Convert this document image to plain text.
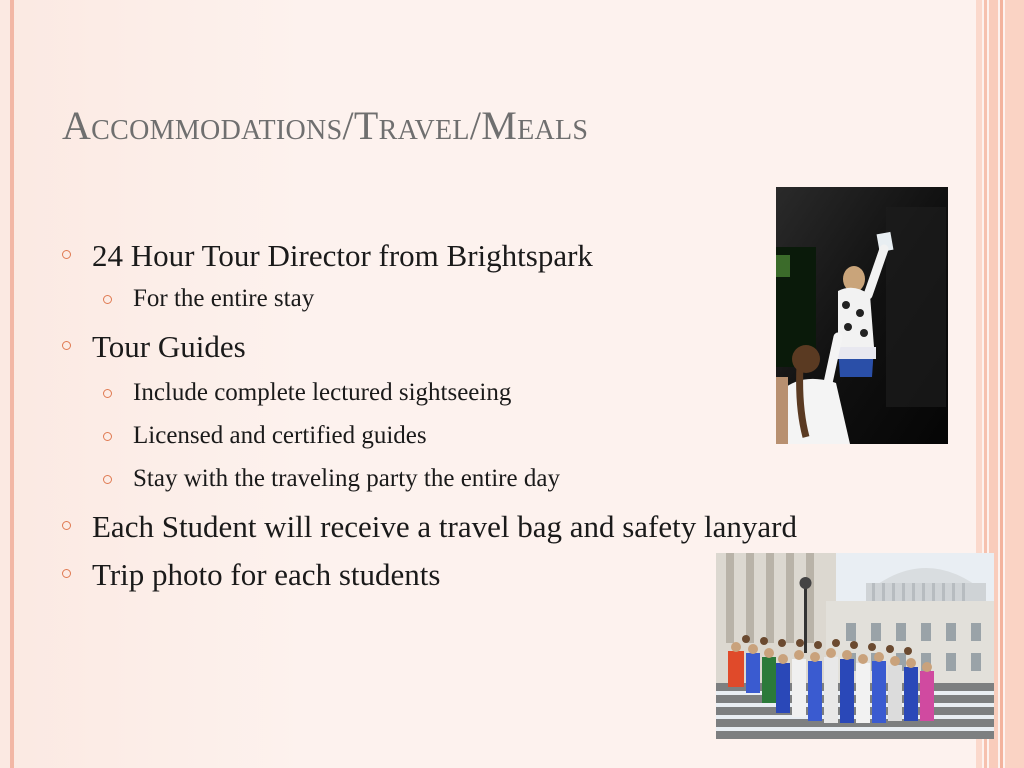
Accommodations/Travel/Meals
24 Hour Tour Director from Brightspark
For the entire stay
Tour Guides
Include complete lectured sightseeing
Licensed and certified guides
Stay with the traveling party the entire day
Each Student will receive a travel bag and safety lanyard
Trip photo for each students
